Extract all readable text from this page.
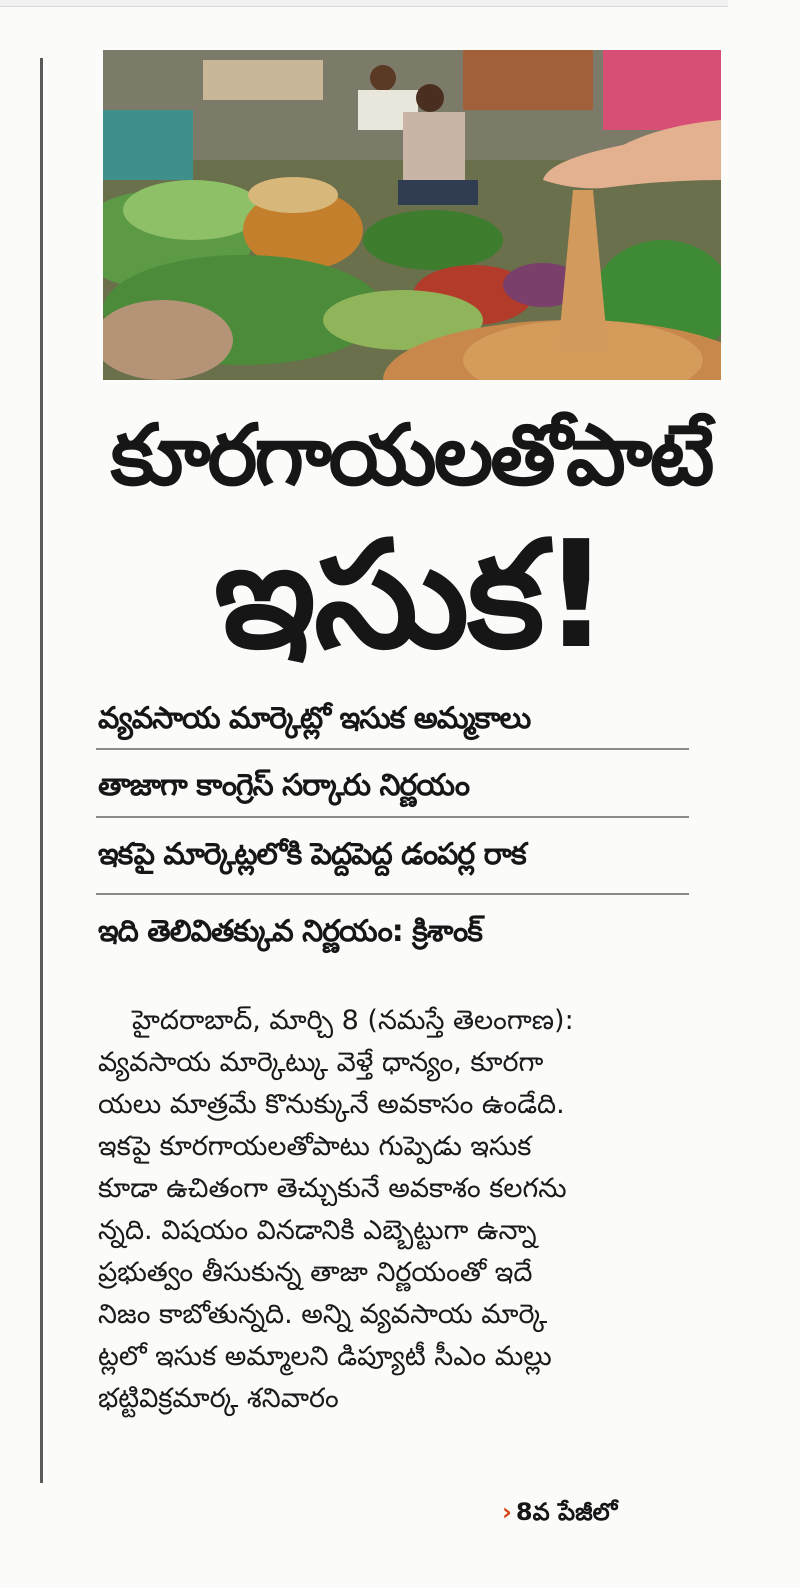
కూరగాయలతోపాటే
ఇసుక!
వ్యవసాయ మార్కెట్లో ఇసుక అమ్మకాలు
తాజాగా కాంగ్రెస్ సర్కారు నిర్ణయం
ఇకపై మార్కెట్లలోకి పెద్దపెద్ద డంపర్ల రాక
ఇది తెలివితక్కువ నిర్ణయం: క్రిశాంక్

హైదరాబాద్, మార్చి 8 (నమస్తే తెలంగాణ):

వ్యవసాయ మార్కెట్కు వెళ్తే ధాన్యం, కూరగా

యలు మాత్రమే కొనుక్కునే అవకాసం ఉండేది.

ఇకపై కూరగాయలతోపాటు గుప్పెడు ఇసుక

కూడా ఉచితంగా తెచ్చుకునే అవకాశం కలగను

న్నది. విషయం వినడానికి ఎబ్బెట్టుగా ఉన్నా

ప్రభుత్వం తీసుకున్న తాజా నిర్ణయంతో ఇదే

నిజం కాబోతున్నది. అన్ని వ్యవసాయ మార్కె

ట్లలో ఇసుక అమ్మాలని డిప్యూటీ సీఎం మల్లు

భట్టివిక్రమార్క శనివారం

› 8వ పేజీలో
